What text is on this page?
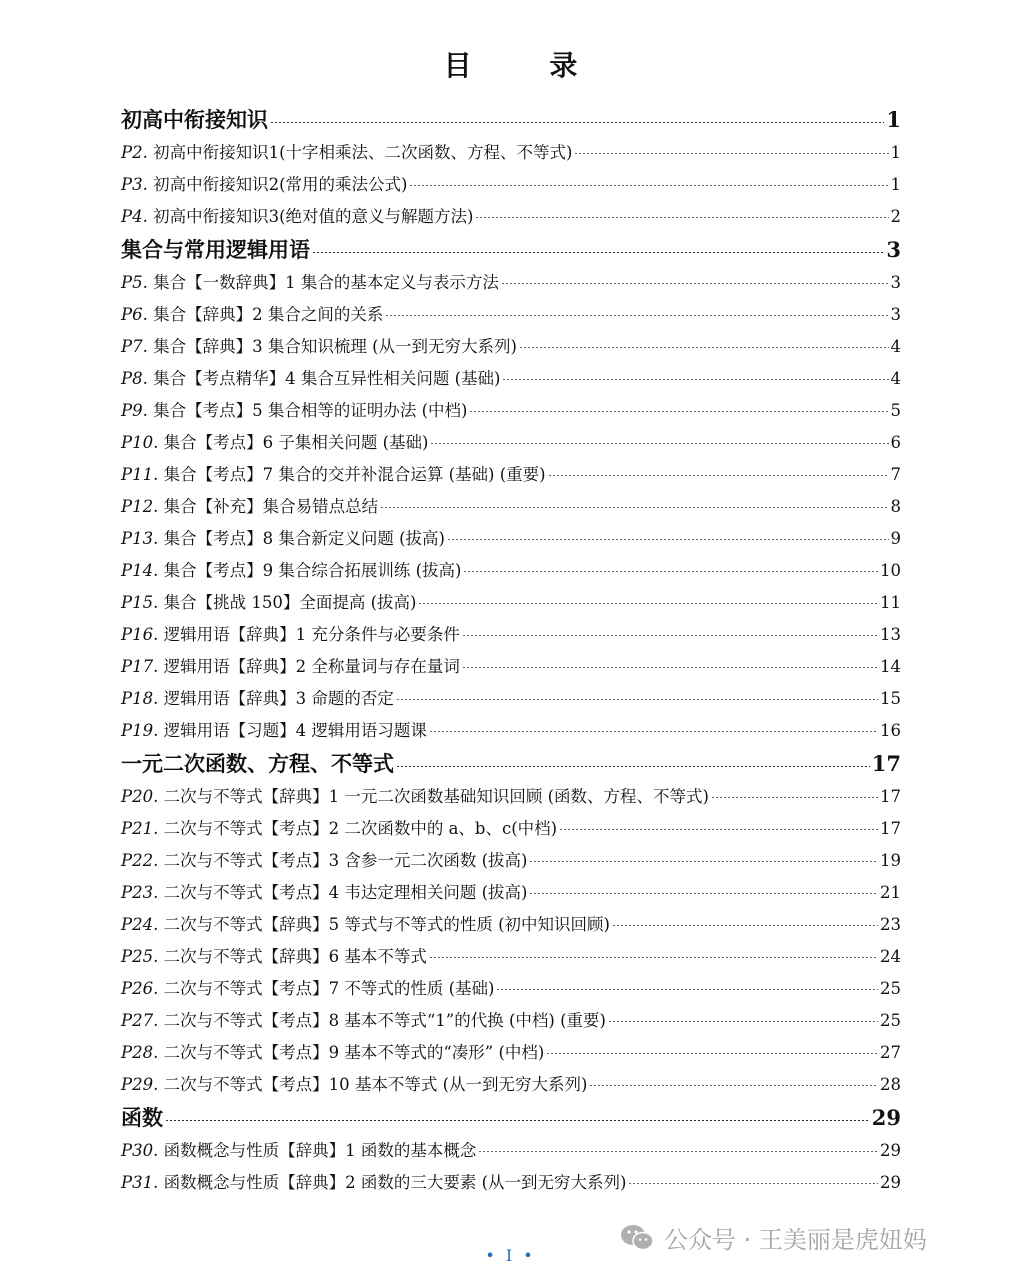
目 录
初高中衔接知识	1
P2. 初高中衔接知识1(十字相乘法、二次函数、方程、不等式)	1
P3. 初高中衔接知识2(常用的乘法公式)	1
P4. 初高中衔接知识3(绝对值的意义与解题方法)	2
集合与常用逻辑用语	3
P5. 集合【一数辞典】1 集合的基本定义与表示方法	3
P6. 集合【辞典】2 集合之间的关系	3
P7. 集合【辞典】3 集合知识梳理 (从一到无穷大系列)	4
P8. 集合【考点精华】4 集合互异性相关问题 (基础)	4
P9. 集合【考点】5 集合相等的证明办法 (中档)	5
P10. 集合【考点】6 子集相关问题 (基础)	6
P11. 集合【考点】7 集合的交并补混合运算 (基础) (重要)	7
P12. 集合【补充】集合易错点总结	8
P13. 集合【考点】8 集合新定义问题 (拔高)	9
P14. 集合【考点】9 集合综合拓展训练 (拔高)	10
P15. 集合【挑战 150】全面提高 (拔高)	11
P16. 逻辑用语【辞典】1 充分条件与必要条件	13
P17. 逻辑用语【辞典】2 全称量词与存在量词	14
P18. 逻辑用语【辞典】3 命题的否定	15
P19. 逻辑用语【习题】4 逻辑用语习题课	16
一元二次函数、方程、不等式	17
P20. 二次与不等式【辞典】1 一元二次函数基础知识回顾 (函数、方程、不等式)	17
P21. 二次与不等式【考点】2 二次函数中的 a、b、c(中档)	17
P22. 二次与不等式【考点】3 含参一元二次函数 (拔高)	19
P23. 二次与不等式【考点】4 韦达定理相关问题 (拔高)	21
P24. 二次与不等式【辞典】5 等式与不等式的性质 (初中知识回顾)	23
P25. 二次与不等式【辞典】6 基本不等式	24
P26. 二次与不等式【考点】7 不等式的性质 (基础)	25
P27. 二次与不等式【考点】8 基本不等式“1”的代换 (中档) (重要)	25
P28. 二次与不等式【考点】9 基本不等式的“凑形” (中档)	27
P29. 二次与不等式【考点】10 基本不等式 (从一到无穷大系列)	28
函数	29
P30. 函数概念与性质【辞典】1 函数的基本概念	29
P31. 函数概念与性质【辞典】2 函数的三大要素 (从一到无穷大系列)	29
公众号 · 王美丽是虎妞妈
• I •
